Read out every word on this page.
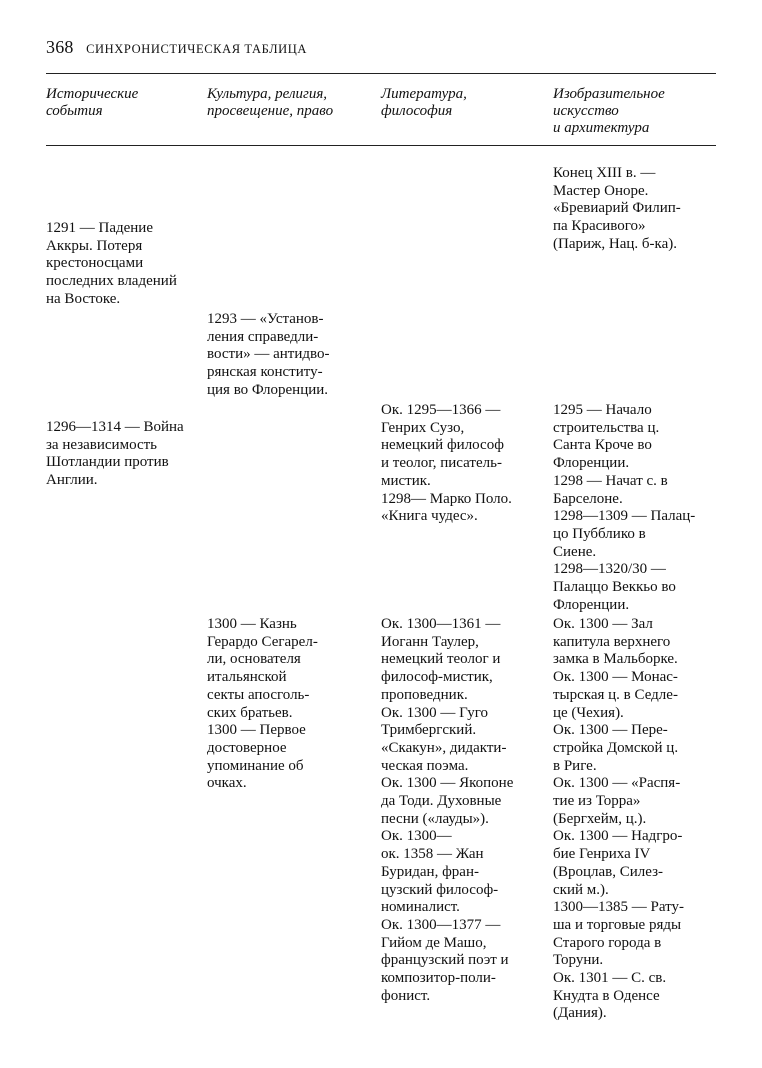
368 СИНХРОНИСТИЧЕСКАЯ ТАБЛИЦА
Исторические
события
Культура, религия,
просвещение, право
Литература,
философия
Изобразительное
искусство
и архитектура
Конец XIII в. —
Мастер Оноре.
«Бревиарий Филип-
па Красивого»
(Париж, Нац. б-ка).
1291 — Падение
Аккры. Потеря
крестоносцами
последних владений
на Востоке.
1293 — «Установ-
ления справедли-
вости» — антидво-
рянская конститу-
ция во Флоренции.
1296—1314 — Война
за независимость
Шотландии против
Англии.
Ок. 1295—1366 —
Генрих Сузо,
немецкий философ
и теолог, писатель-
мистик.
1298— Марко Поло.
«Книга чудес».
1295 — Начало
строительства ц.
Санта Кроче во
Флоренции.
1298 — Начат с. в
Барселоне.
1298—1309 — Палац-
цо Пубблико в
Сиене.
1298—1320/30 —
Палаццо Веккьо во
Флоренции.
1300 — Казнь
Герардо Сегарел-
ли, основателя
итальянской
секты апосголь-
ских братьев.
1300 — Первое
достоверное
упоминание об
очках.
Ок. 1300—1361 —
Иоганн Таулер,
немецкий теолог и
философ-мистик,
проповедник.
Ок. 1300 — Гуго
Тримбергский.
«Скакун», дидакти-
ческая поэма.
Ок. 1300 — Якопоне
да Тоди. Духовные
песни («лауды»).
Ок. 1300—
ок. 1358 — Жан
Буридан, фран-
цузский философ-
номиналист.
Ок. 1300—1377 —
Гийом де Машо,
французский поэт и
композитор-поли-
фонист.
Ок. 1300 — Зал
капитула верхнего
замка в Мальборке.
Ок. 1300 — Монас-
тырская ц. в Седле-
це (Чехия).
Ок. 1300 — Пере-
стройка Домской ц.
в Риге.
Ок. 1300 — «Распя-
тие из Торра»
(Бергхейм, ц.).
Ок. 1300 — Надгро-
бие Генриха IV
(Вроцлав, Силез-
ский м.).
1300—1385 — Рату-
ша и торговые ряды
Старого города в
Торуни.
Ок. 1301 — С. св.
Кнудта в Оденсе
(Дания).
